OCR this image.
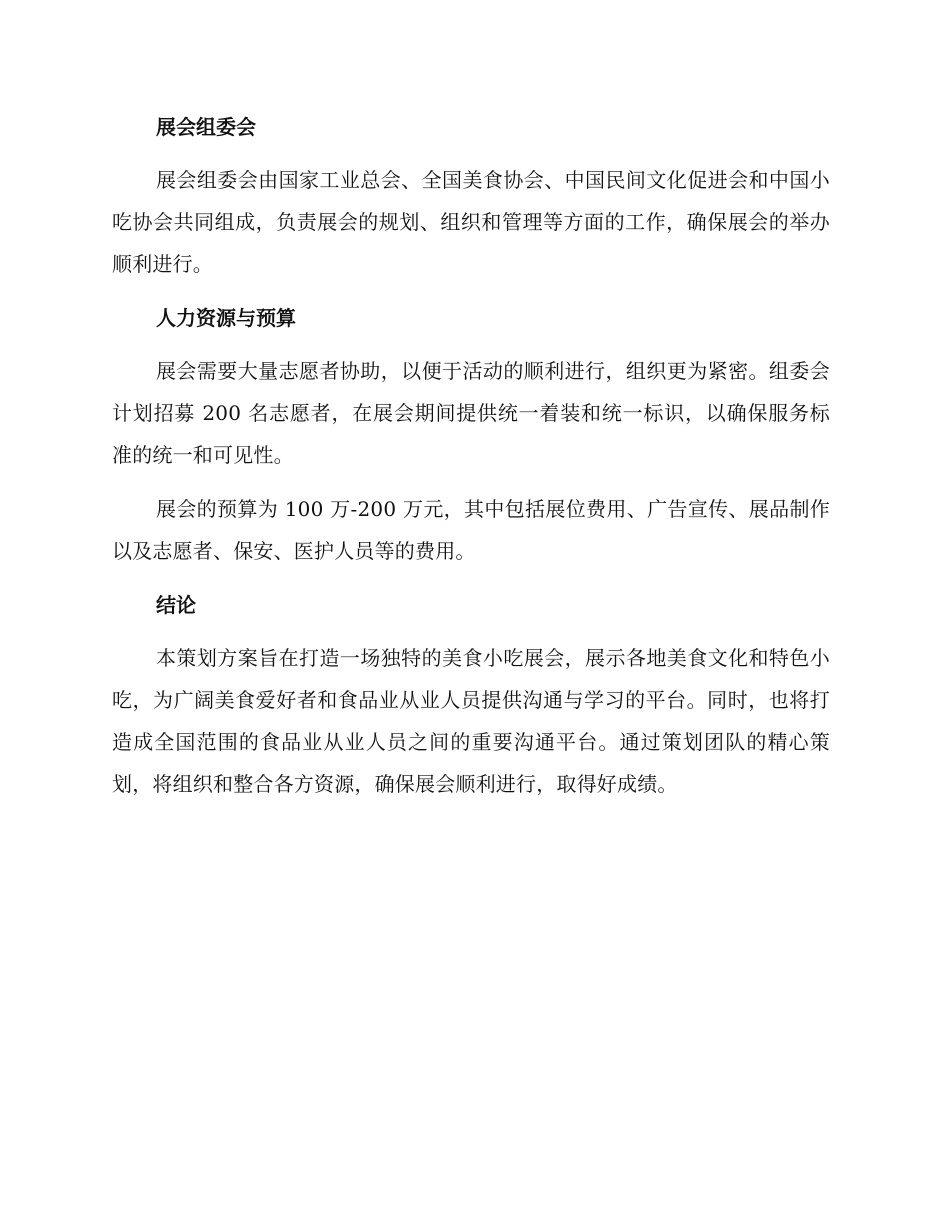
展会组委会

展会组委会由国家工业总会、全国美食协会、中国民间文化促进会和中国小吃协会共同组成，负责展会的规划、组织和管理等方面的工作，确保展会的举办顺利进行。

人力资源与预算

展会需要大量志愿者协助，以便于活动的顺利进行，组织更为紧密。组委会计划招募 200 名志愿者，在展会期间提供统一着装和统一标识，以确保服务标准的统一和可见性。

展会的预算为 100 万-200 万元，其中包括展位费用、广告宣传、展品制作以及志愿者、保安、医护人员等的费用。

结论

本策划方案旨在打造一场独特的美食小吃展会，展示各地美食文化和特色小吃，为广阔美食爱好者和食品业从业人员提供沟通与学习的平台。同时，也将打造成全国范围的食品业从业人员之间的重要沟通平台。通过策划团队的精心策划，将组织和整合各方资源，确保展会顺利进行，取得好成绩。
